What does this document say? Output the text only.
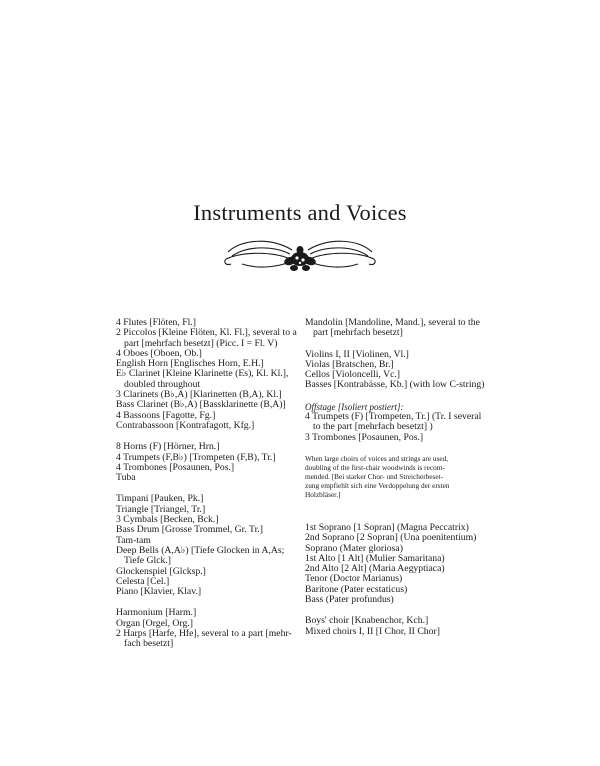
Instruments and Voices
4 Flutes [Flöten, Fl.]
2 Piccolos [Kleine Flöten, Kl. Fl.], several to a
part [mehrfach besetzt] (Picc. I = Fl. V)
4 Oboes [Oboen, Ob.]
English Horn [Englisches Horn, E.H.]
E♭ Clarinet [Kleine Klarinette (Es), Kl. Kl.],
doubled throughout
3 Clarinets (B♭,A) [Klarinetten (B,A), Kl.]
Bass Clarinet (B♭,A) [Bassklarinette (B,A)]
4 Bassoons [Fagotte, Fg.]
Contrabassoon [Kontrafagott, Kfg.]
8 Horns (F) [Hörner, Hrn.]
4 Trumpets (F,B♭) [Trompeten (F,B), Tr.]
4 Trombones [Posaunen, Pos.]
Tuba
Timpani [Pauken, Pk.]
Triangle [Triangel, Tr.]
3 Cymbals [Becken, Bck.]
Bass Drum [Grosse Trommel, Gr. Tr.]
Tam-tam
Deep Bells (A,A♭) [Tiefe Glocken in A,As;
Tiefe Glck.]
Glockenspiel [Glcksp.]
Celesta [Cel.]
Piano [Klavier, Klav.]
Harmonium [Harm.]
Organ [Orgel, Org.]
2 Harps [Harfe, Hfe], several to a part [mehr-
fach besetzt]
Mandolin [Mandoline, Mand.], several to the
part [mehrfach besetzt]
Violins I, II [Violinen, Vl.]
Violas [Bratschen, Br.]
Cellos [Violoncelli, Vc.]
Basses [Kontrabässe, Kb.] (with low C-string)
Offstage [Isoliert postiert]:
4 Trumpets (F) [Trompeten, Tr.] (Tr. I several
to the part [mehrfach besetzt] )
3 Trombones [Posaunen, Pos.]
When large choirs of voices and strings are used,
doubling of the first-chair woodwinds is recom-
mended. [Bei starker Chor- und Streicherbeset-
zung empfiehlt sich eine Verdoppelung der ersten
Holzbläser.]
1st Soprano [1 Sopran] (Magna Peccatrix)
2nd Soprano [2 Sopran] (Una poenitentium)
Soprano (Mater gloriosa)
1st Alto [1 Alt] (Mulier Samaritana)
2nd Alto [2 Alt] (Maria Aegyptiaca)
Tenor (Doctor Marianus)
Baritone (Pater ecstaticus)
Bass (Pater profundus)
Boys' choir [Knabenchor, Kch.]
Mixed choirs I, II [I Chor, II Chor]
